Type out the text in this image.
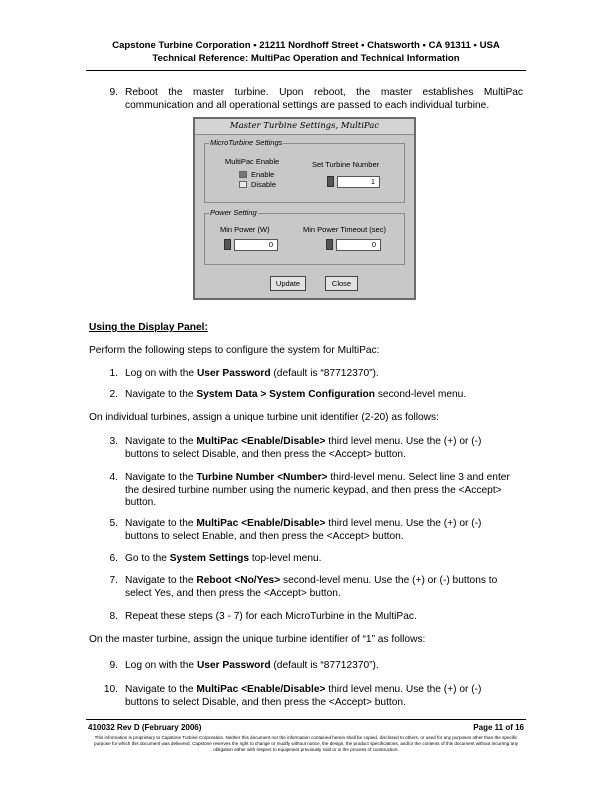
Capstone Turbine Corporation • 21211 Nordhoff Street • Chatsworth • CA 91311 • USA
Technical Reference: MultiPac Operation and Technical Information
9. Reboot the master turbine. Upon reboot, the master establishes MultiPac communication and all operational settings are passed to each individual turbine.
Master Turbine Settings, MultiPac
MicroTurbine Settings
MultiPac Enable
Enable
Disable
Set Turbine Number
1
Power Setting
Min Power (W)
0
Min Power Timeout (sec)
0
Update	Close
Using the Display Panel:
Perform the following steps to configure the system for MultiPac:
1. Log on with the User Password (default is “87712370”).
2. Navigate to the System Data > System Configuration second-level menu.
On individual turbines, assign a unique turbine unit identifier (2-20) as follows:
3. Navigate to the MultiPac <Enable/Disable> third level menu. Use the (+) or (-) buttons to select Disable, and then press the <Accept> button.
4. Navigate to the Turbine Number <Number> third-level menu. Select line 3 and enter the desired turbine number using the numeric keypad, and then press the <Accept> button.
5. Navigate to the MultiPac <Enable/Disable> third level menu. Use the (+) or (-) buttons to select Enable, and then press the <Accept> button.
6. Go to the System Settings top-level menu.
7. Navigate to the Reboot <No/Yes> second-level menu. Use the (+) or (-) buttons to select Yes, and then press the <Accept> button.
8. Repeat these steps (3 - 7) for each MicroTurbine in the MultiPac.
On the master turbine, assign the unique turbine identifier of “1” as follows:
9. Log on with the User Password (default is “87712370”).
10. Navigate to the MultiPac <Enable/Disable> third level menu. Use the (+) or (-) buttons to select Disable, and then press the <Accept> button.
410032 Rev D (February 2006)	Page 11 of 16
This information is proprietary to Capstone Turbine Corporation. Neither this document nor the information contained herein shall be copied, disclosed to others, or used for any purposes other than the specific purpose for which this document was delivered. Capstone reserves the right to change or modify without notice, the design, the product specifications, and/or the contents of this document without incurring any obligation either with respect to equipment previously sold or in the process of construction.
